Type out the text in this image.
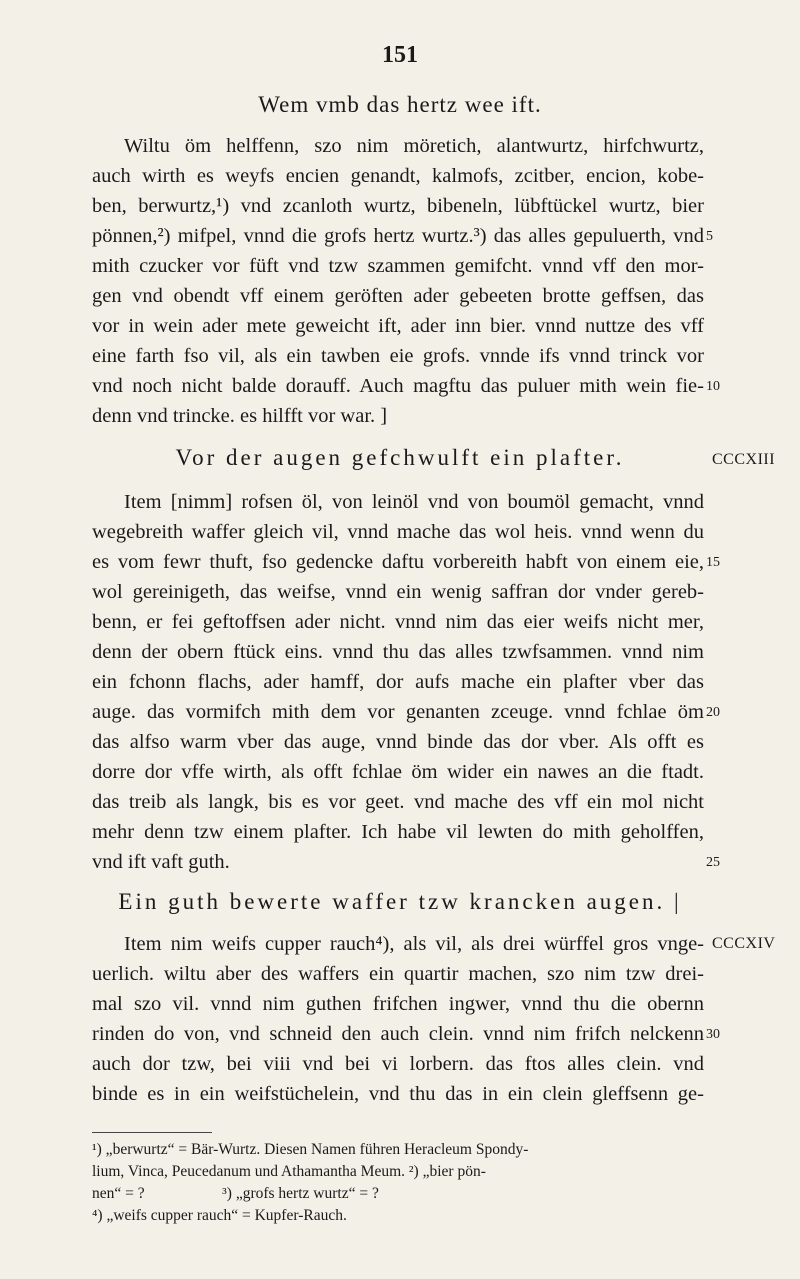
151
Wem vmb das hertz wee ift.
Wiltu öm helffenn, szo nim möretich, alantwurtz, hirfchwurtz,
auch wirth es weyfs encien genandt, kalmofs, zcitber, encion, kobe-
ben, berwurtz,¹) vnd zcanloth wurtz, bibeneln, lübftückel wurtz, bier
pönnen,²) mifpel, vnnd die grofs hertz wurtz.³) das alles gepuluerth, vnd 5
mith czucker vor füft vnd tzw szammen gemifcht. vnnd vff den mor-
gen vnd obendt vff einem geröften ader gebeeten brotte geffsen, das
vor in wein ader mete geweicht ift, ader inn bier. vnnd nuttze des vff
eine farth fso vil, als ein tawben eie grofs. vnnde ifs vnnd trinck vor
vnd noch nicht balde dorauff. Auch magftu das puluer mith wein fie- 10
denn vnd trincke. es hilfft vor war. ]
Vor der augen gefchwulft ein plafter.	CCCXIII
Item [nimm] rofsen öl, von leinöl vnd von boumöl gemacht, vnnd
wegebreith waffer gleich vil, vnnd mache das wol heis. vnnd wenn du
es vom fewr thuft, fso gedencke daftu vorbereith habft von einem eie, 15
wol gereinigeth, das weifse, vnnd ein wenig saffran dor vnder gereb-
benn, er fei geftoffsen ader nicht. vnnd nim das eier weifs nicht mer,
denn der obern ftück eins. vnnd thu das alles tzwfsammen. vnnd nim
ein fchonn flachs, ader hamff, dor aufs mache ein plafter vber das
auge. das vormifch mith dem vor genanten zceuge. vnnd fchlae öm 20
das alfso warm vber das auge, vnnd binde das dor vber. Als offt es
dorre dor vffe wirth, als offt fchlae öm wider ein nawes an die ftadt.
das treib als langk, bis es vor geet. vnd mache des vff ein mol nicht
mehr denn tzw einem plafter. Ich habe vil lewten do mith geholffen,
vnd ift vaft guth.	25
Ein guth bewerte waffer tzw krancken augen. |
Item nim weifs cupper rauch⁴), als vil, als drei würffel gros vnge- CCCXIV
uerlich. wiltu aber des waffers ein quartir machen, szo nim tzw drei-
mal szo vil. vnnd nim guthen frifchen ingwer, vnnd thu die obernn
rinden do von, vnd schneid den auch clein. vnnd nim frifch nelckenn 30
auch dor tzw, bei viii vnd bei vi lorbern. das ftos alles clein. vnd
binde es in ein weifstüchelein, vnd thu das in ein clein gleffsenn ge-
¹) „berwurtz“ = Bär-Wurtz. Diesen Namen führen Heracleum Spondy-
lium, Vinca, Peucedanum und Athamantha Meum. ²) „bier pön-
nen“ = ?                    ³) „grofs hertz wurtz“ = ?
⁴) „weifs cupper rauch“ = Kupfer-Rauch.
